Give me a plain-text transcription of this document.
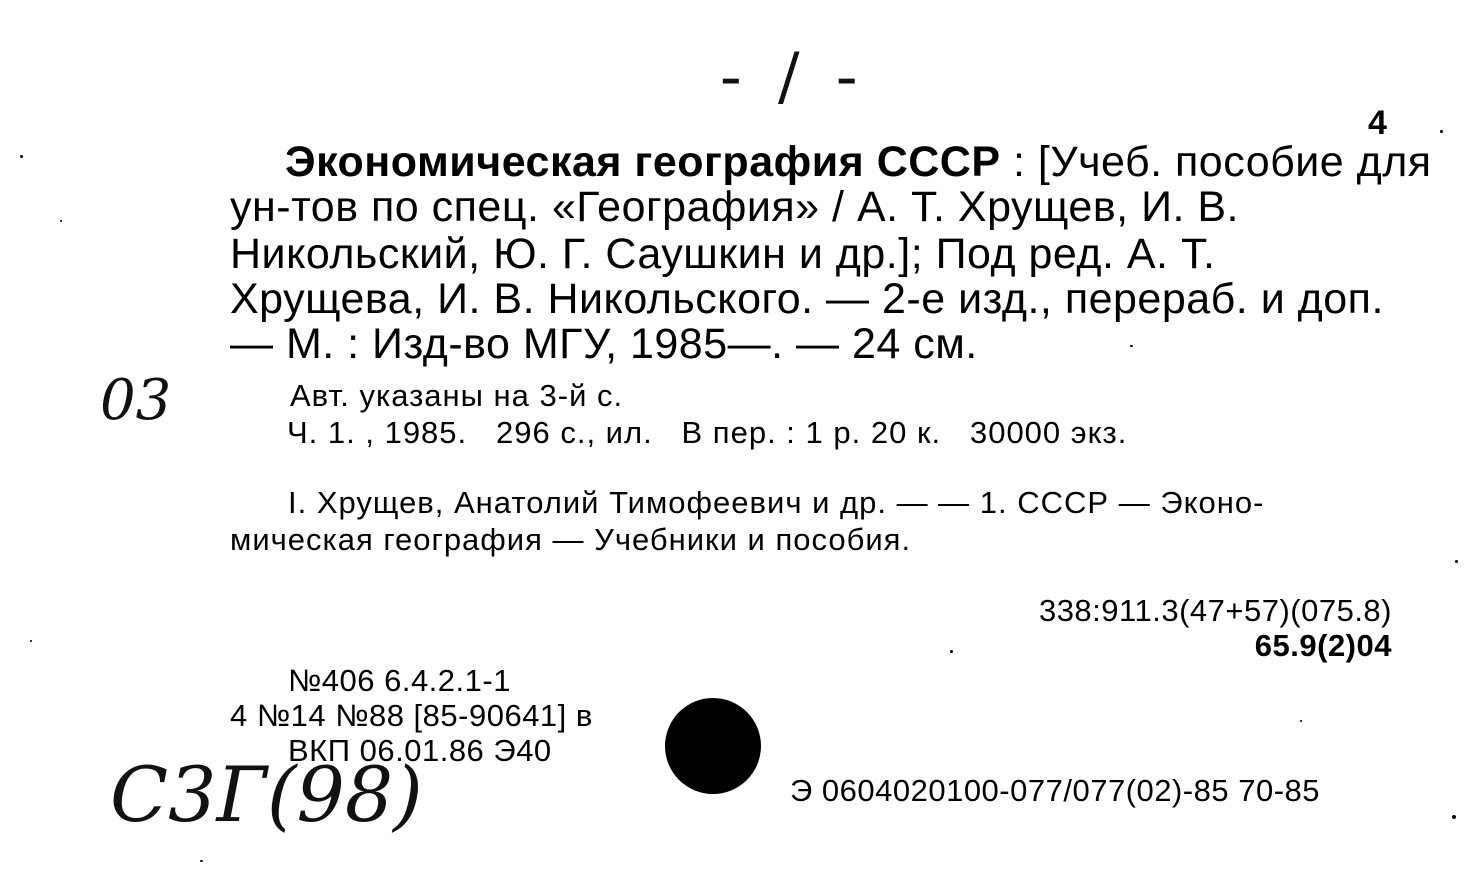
- / -
4
Экономическая география СССР : [Учеб. пособие для
ун-тов по спец. «География» / А. Т. Хрущев, И. В.
Никольский, Ю. Г. Саушкин и др.]; Под ред. А. Т.
Хрущева, И. В. Никольского. — 2-е изд., перераб. и доп.
— М. : Изд-во МГУ, 1985—. — 24 см.
03	Авт. указаны на 3-й с.
Ч. 1. , 1985.   296 с., ил.   В пер. : 1 р. 20 к.   30000 экз.
I. Хрущев, Анатолий Тимофеевич и др. — — 1. СССР — Эконо-
мическая география — Учебники и пособия.
338:911.3(47+57)(075.8)
65.9(2)04
№406 6.4.2.1-1
4 №14 №88 [85-90641] в
ВКП 06.01.86 Э40
Э 0604020100-077/077(02)-85 70-85
С3Г(98)
